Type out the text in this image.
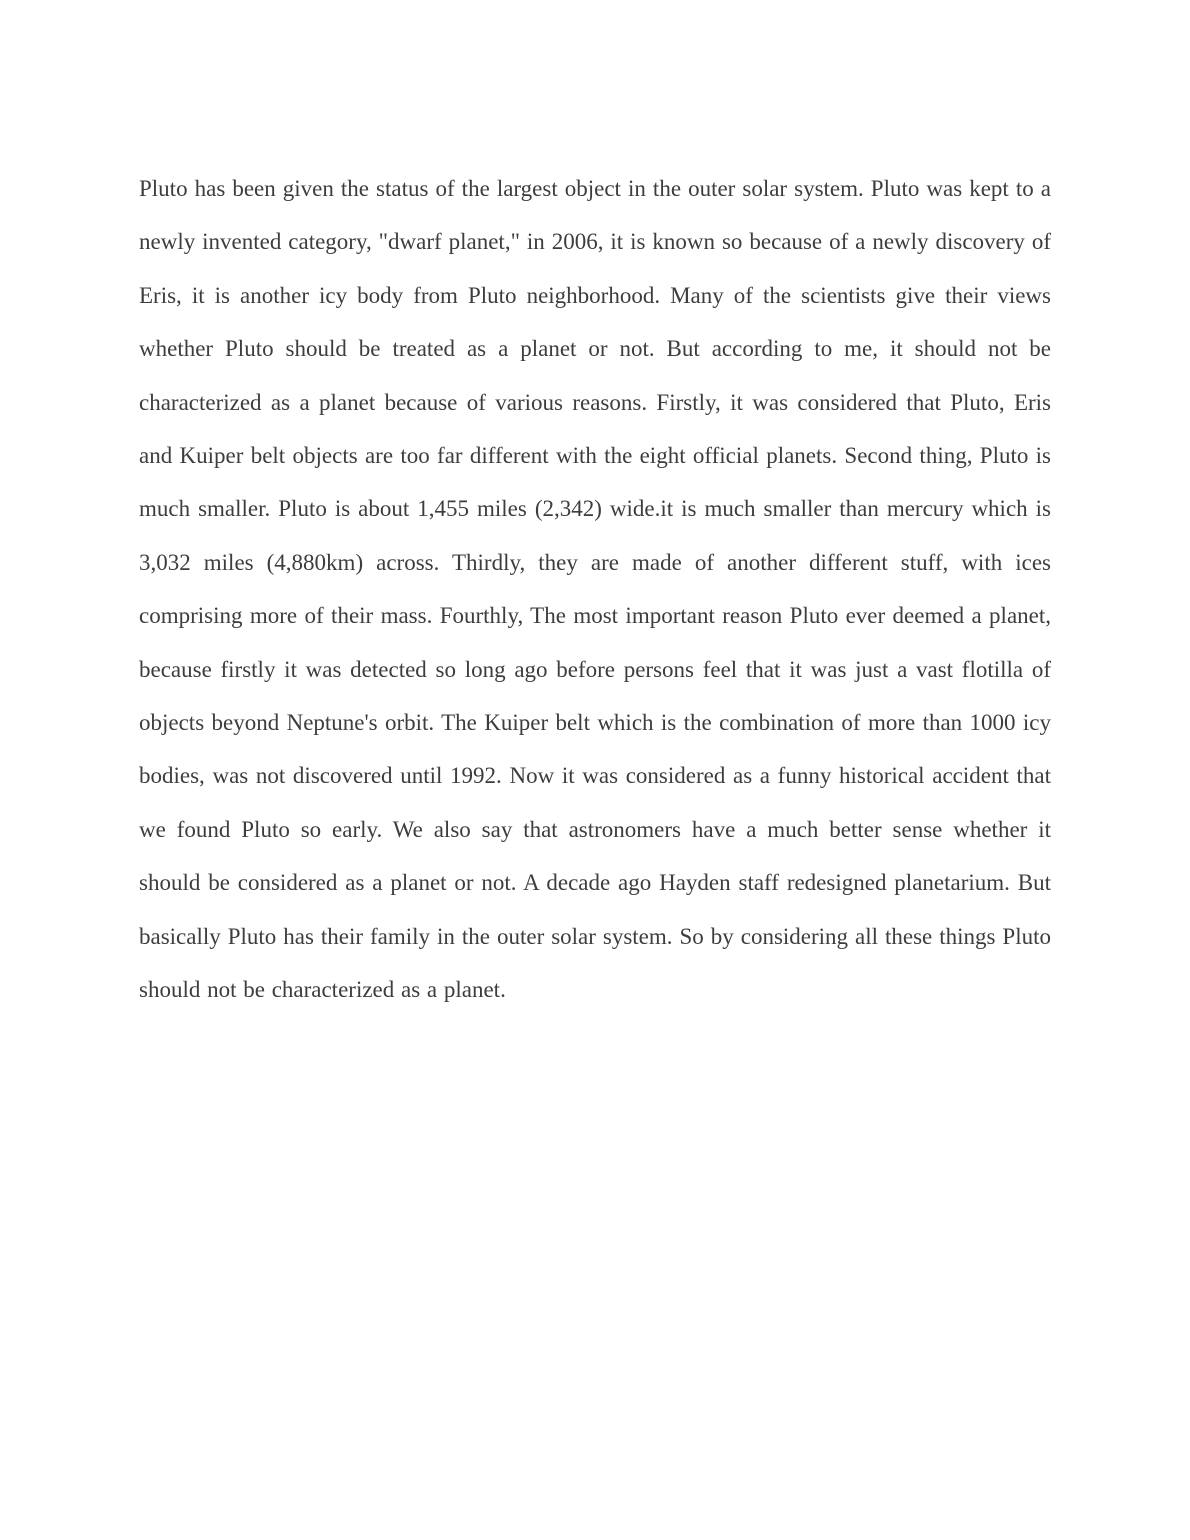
Pluto has been given the status of the largest object in the outer solar system. Pluto was kept to a newly invented category, "dwarf planet," in 2006, it is known so because of a newly discovery of Eris, it is another icy body from Pluto neighborhood. Many of the scientists give their views whether Pluto should be treated as a planet or not. But according to me, it should not be characterized as a planet because of various reasons. Firstly, it was considered that Pluto, Eris and Kuiper belt objects are too far different with the eight official planets. Second thing, Pluto is much smaller. Pluto is about 1,455 miles (2,342) wide.it is much smaller than mercury which is 3,032 miles (4,880km) across. Thirdly, they are made of another different stuff, with ices comprising more of their mass. Fourthly, The most important reason Pluto ever deemed a planet, because firstly it was detected so long ago before persons feel that it was just a vast flotilla of objects beyond Neptune's orbit. The Kuiper belt which is the combination of more than 1000 icy bodies, was not discovered until 1992. Now it was considered as a funny historical accident that we found Pluto so early. We also say that astronomers have a much better sense whether it should be considered as a planet or not. A decade ago Hayden staff redesigned planetarium. But basically Pluto has their family in the outer solar system. So by considering all these things Pluto should not be characterized as a planet.
